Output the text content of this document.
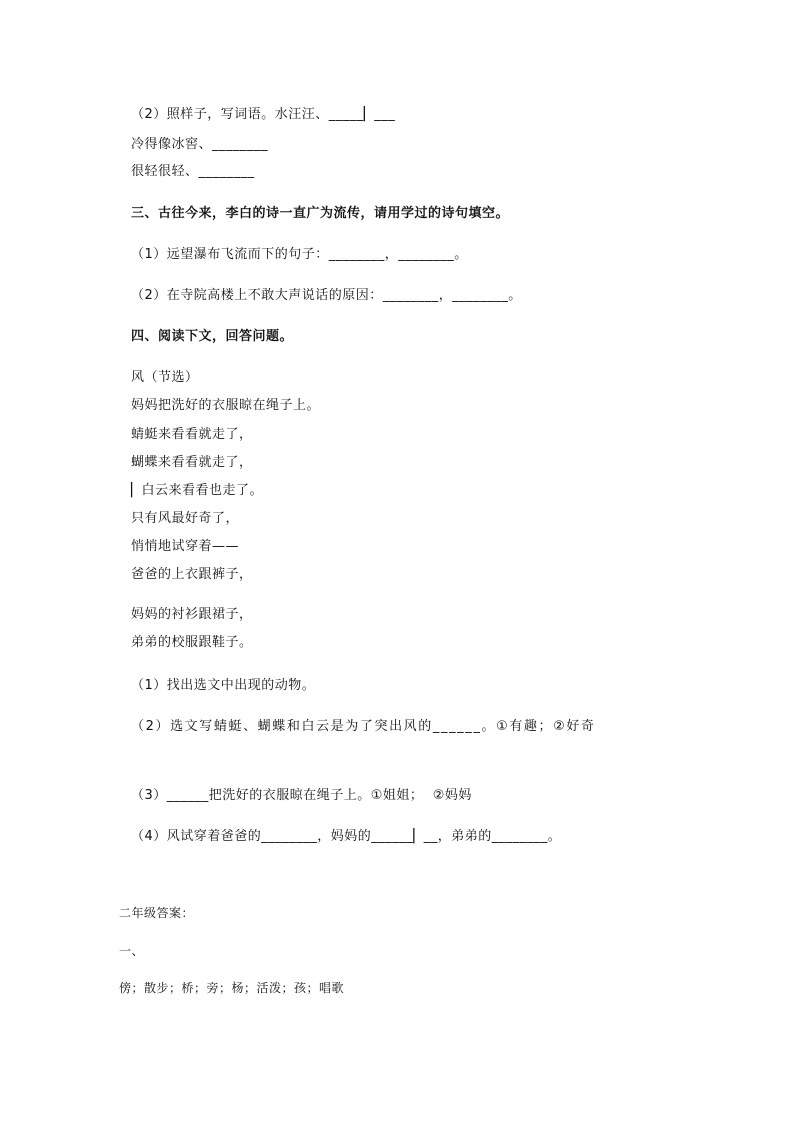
（2）照样子，写词语。水汪汪、_____▏___
冷得像冰窖、________
很轻很轻、________
三、古往今来，李白的诗一直广为流传，请用学过的诗句填空。
（1）远望瀑布飞流而下的句子：________，________。
（2）在寺院高楼上不敢大声说话的原因：________，________。
四、阅读下文，回答问题。
风（节选）
妈妈把洗好的衣服晾在绳子上。
蜻蜓来看看就走了，
蝴蝶来看看就走了，
▏白云来看看也走了。
只有风最好奇了，
悄悄地试穿着——
爸爸的上衣跟裤子，
妈妈的衬衫跟裙子，
弟弟的校服跟鞋子。
（1）找出选文中出现的动物。
（2）选文写蜻蜓、蝴蝶和白云是为了突出风的______。①有趣；②好奇
（3）______把洗好的衣服晾在绳子上。①姐姐；  ②妈妈
（4）风试穿着爸爸的________，妈妈的______▏__，弟弟的________。
二年级答案：
一、
傍；散步；桥；旁；杨；活泼；孩；唱歌
